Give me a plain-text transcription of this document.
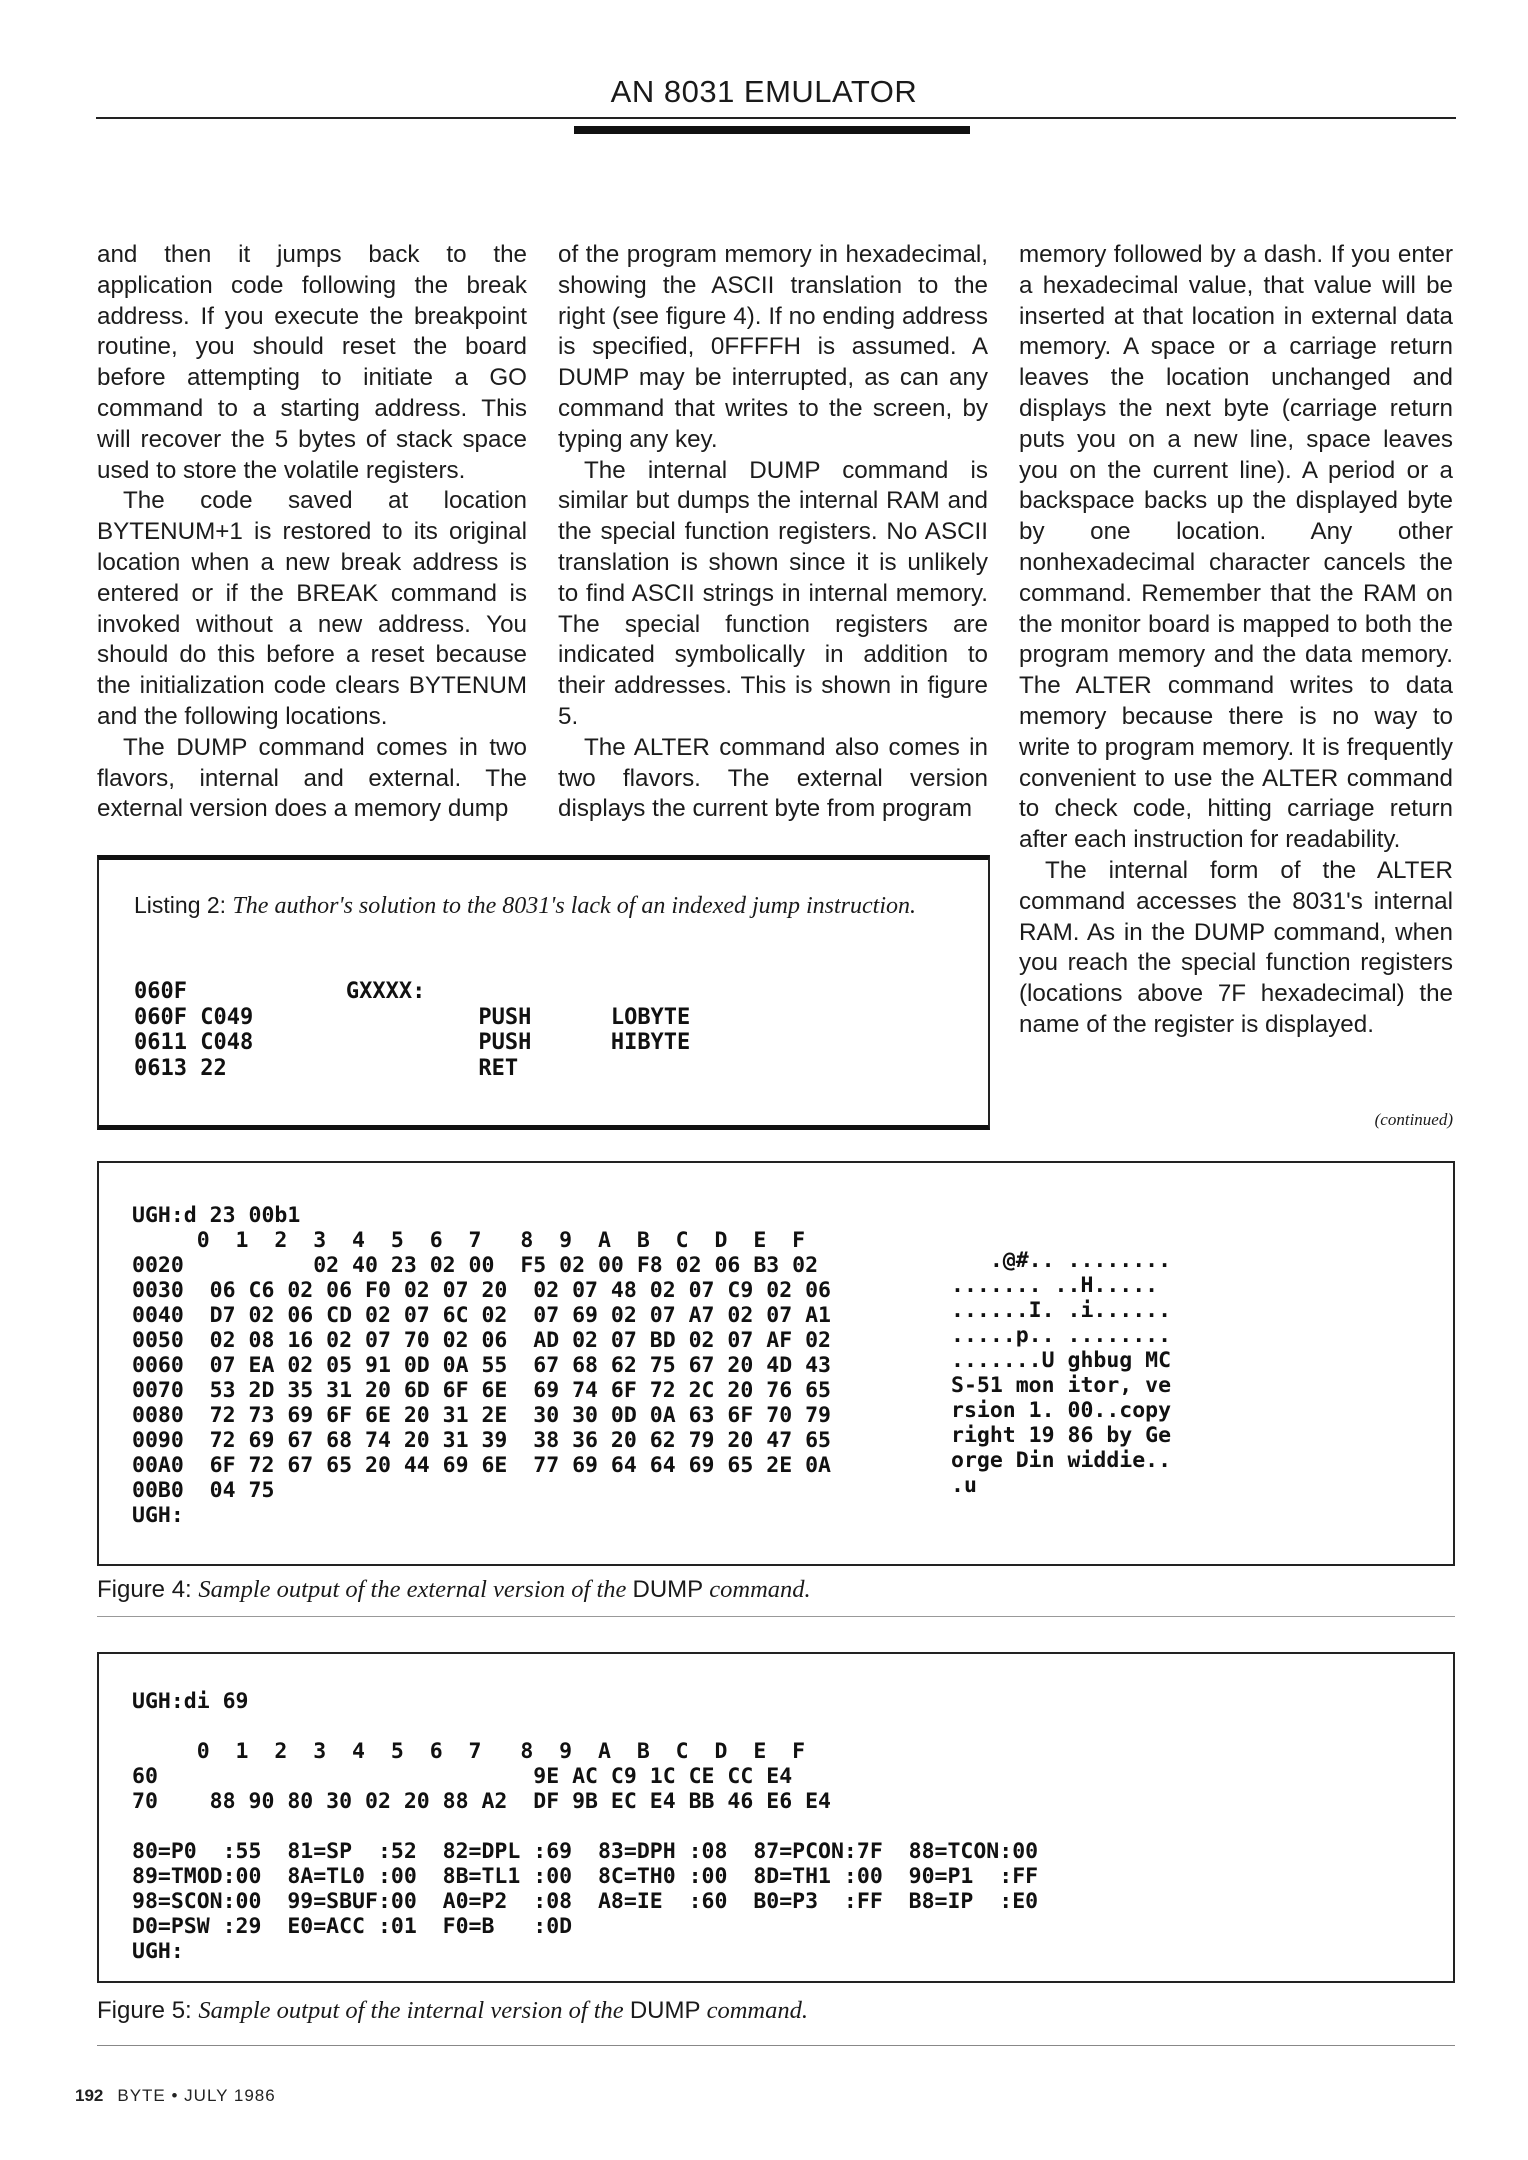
AN 8031 EMULATOR

and then it jumps back to the application code following the break address. If you execute the breakpoint routine, you should reset the board before attempting to initiate a GO command to a starting address. This will recover the 5 bytes of stack space used to store the volatile registers.

The code saved at location BYTENUM+1 is restored to its original location when a new break address is entered or if the BREAK command is invoked without a new address. You should do this before a reset because the initialization code clears BYTENUM and the following locations.

The DUMP command comes in two flavors, internal and external. The external version does a memory dump

of the program memory in hexadecimal, showing the ASCII translation to the right (see figure 4). If no ending address is specified, 0FFFFH is assumed. A DUMP may be interrupted, as can any command that writes to the screen, by typing any key.

The internal DUMP command is similar but dumps the internal RAM and the special function registers. No ASCII translation is shown since it is unlikely to find ASCII strings in internal memory. The special function registers are indicated symbolically in addition to their addresses. This is shown in figure 5.

The ALTER command also comes in two flavors. The external version displays the current byte from program

memory followed by a dash. If you enter a hexadecimal value, that value will be inserted at that location in external data memory. A space or a carriage return leaves the location unchanged and displays the next byte (carriage return puts you on a new line, space leaves you on the current line). A period or a backspace backs up the displayed byte by one location. Any other nonhexadecimal character cancels the command. Remember that the RAM on the monitor board is mapped to both the program memory and the data memory. The ALTER command writes to data memory because there is no way to write to program memory. It is frequently convenient to use the ALTER command to check code, hitting carriage return after each instruction for readability.

The internal form of the ALTER command accesses the 8031's internal RAM. As in the DUMP command, when you reach the special function registers (locations above 7F hexadecimal) the name of the register is displayed.

(continued)
Listing 2: The author's solution to the 8031's lack of an indexed jump instruction.
060F            GXXXX:
060F C049                 PUSH      LOBYTE
0611 C048                 PUSH      HIBYTE
0613 22                   RET
UGH:d 23 00b1
0  1  2  3  4  5  6  7   8  9  A  B  C  D  E  F
0020          02 40 23 02 00  F5 02 00 F8 02 06 B3 02
0030  06 C6 02 06 F0 02 07 20  02 07 48 02 07 C9 02 06
0040  D7 02 06 CD 02 07 6C 02  07 69 02 07 A7 02 07 A1
0050  02 08 16 02 07 70 02 06  AD 02 07 BD 02 07 AF 02
0060  07 EA 02 05 91 0D 0A 55  67 68 62 75 67 20 4D 43
0070  53 2D 35 31 20 6D 6F 6E  69 74 6F 72 2C 20 76 65
0080  72 73 69 6F 6E 20 31 2E  30 30 0D 0A 63 6F 70 79
0090  72 69 67 68 74 20 31 39  38 36 20 62 79 20 47 65
00A0  6F 72 67 65 20 44 69 6E  77 69 64 64 69 65 2E 0A
00B0  04 75
UGH:
.@#.. ........
....... ..H.....
......I. .i......
.....p.. ........
.......U ghbug MC
S-51 mon itor, ve
rsion 1. 00..copy
right 19 86 by Ge
orge Din widdie..
.u
Figure 4: Sample output of the external version of the DUMP command.
UGH:di 69

0  1  2  3  4  5  6  7   8  9  A  B  C  D  E  F
60                             9E AC C9 1C CE CC E4
70    88 90 80 30 02 20 88 A2  DF 9B EC E4 BB 46 E6 E4

80=P0  :55  81=SP  :52  82=DPL :69  83=DPH :08  87=PCON:7F  88=TCON:00
89=TMOD:00  8A=TL0 :00  8B=TL1 :00  8C=TH0 :00  8D=TH1 :00  90=P1  :FF
98=SCON:00  99=SBUF:00  A0=P2  :08  A8=IE  :60  B0=P3  :FF  B8=IP  :E0
D0=PSW :29  E0=ACC :01  F0=B   :0D
UGH:
Figure 5: Sample output of the internal version of the DUMP command.
192 BYTE • JULY 1986
